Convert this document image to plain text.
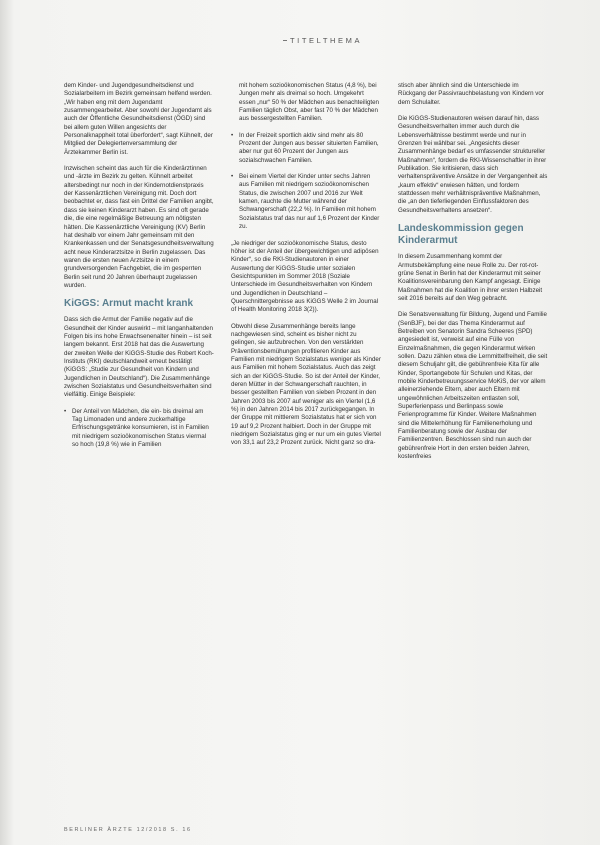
TITELTHEMA

dem Kinder- und Jugendgesundheitsdienst und Sozialarbeitern im Bezirk gemeinsam helfend werden. „Wir haben eng mit dem Jugendamt zusammengearbeitet. Aber sowohl der Jugendamt als auch der Öffentliche Gesundheitsdienst (ÖGD) sind bei allem guten Willen angesichts der Personalknappheit total überfordert“, sagt Kühnelt, der Mitglied der Delegiertenversammlung der Ärztekammer Berlin ist.

Inzwischen scheint das auch für die Kinderärztinnen und -ärzte im Bezirk zu gelten. Kühnelt arbeitet altersbedingt nur noch in der Kindernotdienstpraxis der Kassenärztlichen Vereinigung mit. Doch dort beobachtet er, dass fast ein Drittel der Familien angibt, dass sie keinen Kinderarzt haben. Es sind oft gerade die, die eine regelmäßige Betreuung am nötigsten hätten. Die Kassenärztliche Vereinigung (KV) Berlin hat deshalb vor einem Jahr gemeinsam mit den Krankenkassen und der Senatsgesundheitsverwaltung acht neue Kinderarztsitze in Berlin zugelassen. Das waren die ersten neuen Arztsitze in einem grundversorgenden Fachgebiet, die im gesperrten Berlin seit rund 20 Jahren überhaupt zugelassen wurden.

KiGGS: Armut macht krank

Dass sich die Armut der Familie negativ auf die Gesundheit der Kinder auswirkt – mit langanhaltenden Folgen bis ins hohe Erwachsenenalter hinein – ist seit langem bekannt. Erst 2018 hat das die Auswertung der zweiten Welle der KiGGS-Studie des Robert Koch-Instituts (RKI) deutschlandweit erneut bestätigt (KiGGS: „Studie zur Gesundheit von Kindern und Jugendlichen in Deutschland“). Die Zusammenhänge zwischen Sozialstatus und Gesundheitsverhalten sind vielfältig. Einige Beispiele:

• Der Anteil von Mädchen, die ein- bis dreimal am Tag Limonaden und andere zuckerhaltige Erfrischungsgetränke konsumieren, ist in Familien mit niedrigem sozioökonomischen Status viermal so hoch (19,8 %) wie in Familien

mit hohem sozioökonomischen Status (4,8 %), bei Jungen mehr als dreimal so hoch. Umgekehrt essen „nur“ 50 % der Mädchen aus benachteiligten Familien täglich Obst, aber fast 70 % der Mädchen aus bessergestellten Familien.

• In der Freizeit sportlich aktiv sind mehr als 80 Prozent der Jungen aus besser situierten Familien, aber nur gut 60 Prozent der Jungen aus sozialschwachen Familien.
• Bei einem Viertel der Kinder unter sechs Jahren aus Familien mit niedrigem sozioökonomischen Status, die zwischen 2007 und 2016 zur Welt kamen, rauchte die Mutter während der Schwangerschaft (22,2 %). In Familien mit hohem Sozialstatus traf das nur auf 1,6 Prozent der Kinder zu.

„Je niedriger der sozioökonomische Status, desto höher ist der Anteil der übergewichtigen und adipösen Kinder“, so die RKI-Studienautoren in einer Auswertung der KiGGS-Studie unter sozialen Gesichtspunkten im Sommer 2018 (Soziale Unterschiede im Gesundheitsverhalten von Kindern und Jugendlichen in Deutschland – Querschnittergebnisse aus KiGGS Welle 2 im Journal of Health Monitoring 2018 3(2)).

Obwohl diese Zusammenhänge bereits lange nachgewiesen sind, scheint es bisher nicht zu gelingen, sie aufzubrechen. Von den verstärkten Präventionsbemühungen profitieren Kinder aus Familien mit niedrigem Sozialstatus weniger als Kinder aus Familien mit hohem Sozialstatus. Auch das zeigt sich an der KiGGS-Studie. So ist der Anteil der Kinder, deren Mütter in der Schwangerschaft rauchten, in besser gestellten Familien von sieben Prozent in den Jahren 2003 bis 2007 auf weniger als ein Viertel (1,6 %) in den Jahren 2014 bis 2017 zurückgegangen. In der Gruppe mit mittlerem Sozialstatus hat er sich von 19 auf 9,2 Prozent halbiert. Doch in der Gruppe mit niedrigem Sozialstatus ging er nur um ein gutes Viertel von 33,1 auf 23,2 Prozent zurück. Nicht ganz so dra-

stisch aber ähnlich sind die Unterschiede im Rückgang der Passivrauchbelastung von Kindern vor dem Schulalter.

Die KiGGS-Studienautoren weisen darauf hin, dass Gesundheitsverhalten immer auch durch die Lebensverhältnisse bestimmt werde und nur in Grenzen frei wählbar sei. „Angesichts dieser Zusammenhänge bedarf es umfassender struktureller Maßnahmen“, fordern die RKI-Wissenschaftler in ihrer Publikation. Sie kritisieren, dass sich verhaltenspräventive Ansätze in der Vergangenheit als „kaum effektiv“ erwiesen hätten, und fordern stattdessen mehr verhältnispräventive Maßnahmen, die „an den tieferliegenden Einflussfaktoren des Gesundheitsverhaltens ansetzen“.

Landeskommission gegen Kinderarmut

In diesem Zusammenhang kommt der Armutsbekämpfung eine neue Rolle zu. Der rot-rot-grüne Senat in Berlin hat der Kinderarmut mit seiner Koalitionsvereinbarung den Kampf angesagt. Einige Maßnahmen hat die Koalition in ihrer ersten Halbzeit seit 2016 bereits auf den Weg gebracht.

Die Senatsverwaltung für Bildung, Jugend und Familie (SenBJF), bei der das Thema Kinderarmut auf Betreiben von Senatorin Sandra Scheeres (SPD) angesiedelt ist, verweist auf eine Fülle von Einzelmaßnahmen, die gegen Kinderarmut wirken sollen. Dazu zählen etwa die Lernmittelfreiheit, die seit diesem Schuljahr gilt, die gebührenfreie Kita für alle Kinder, Sportangebote für Schulen und Kitas, der mobile Kinderbetreuungsservice MoKiS, der vor allem alleinerziehende Eltern, aber auch Eltern mit ungewöhnlichen Arbeitszeiten entlasten soll, Superferienpass und Berlinpass sowie Ferienprogramme für Kinder. Weitere Maßnahmen sind die Mittelerhöhung für Familienerholung und Familienberatung sowie der Ausbau der Familienzentren. Beschlossen sind nun auch der gebührenfreie Hort in den ersten beiden Jahren, kostenfreies

BERLINER ÄRZTE 12/2018 S. 16
